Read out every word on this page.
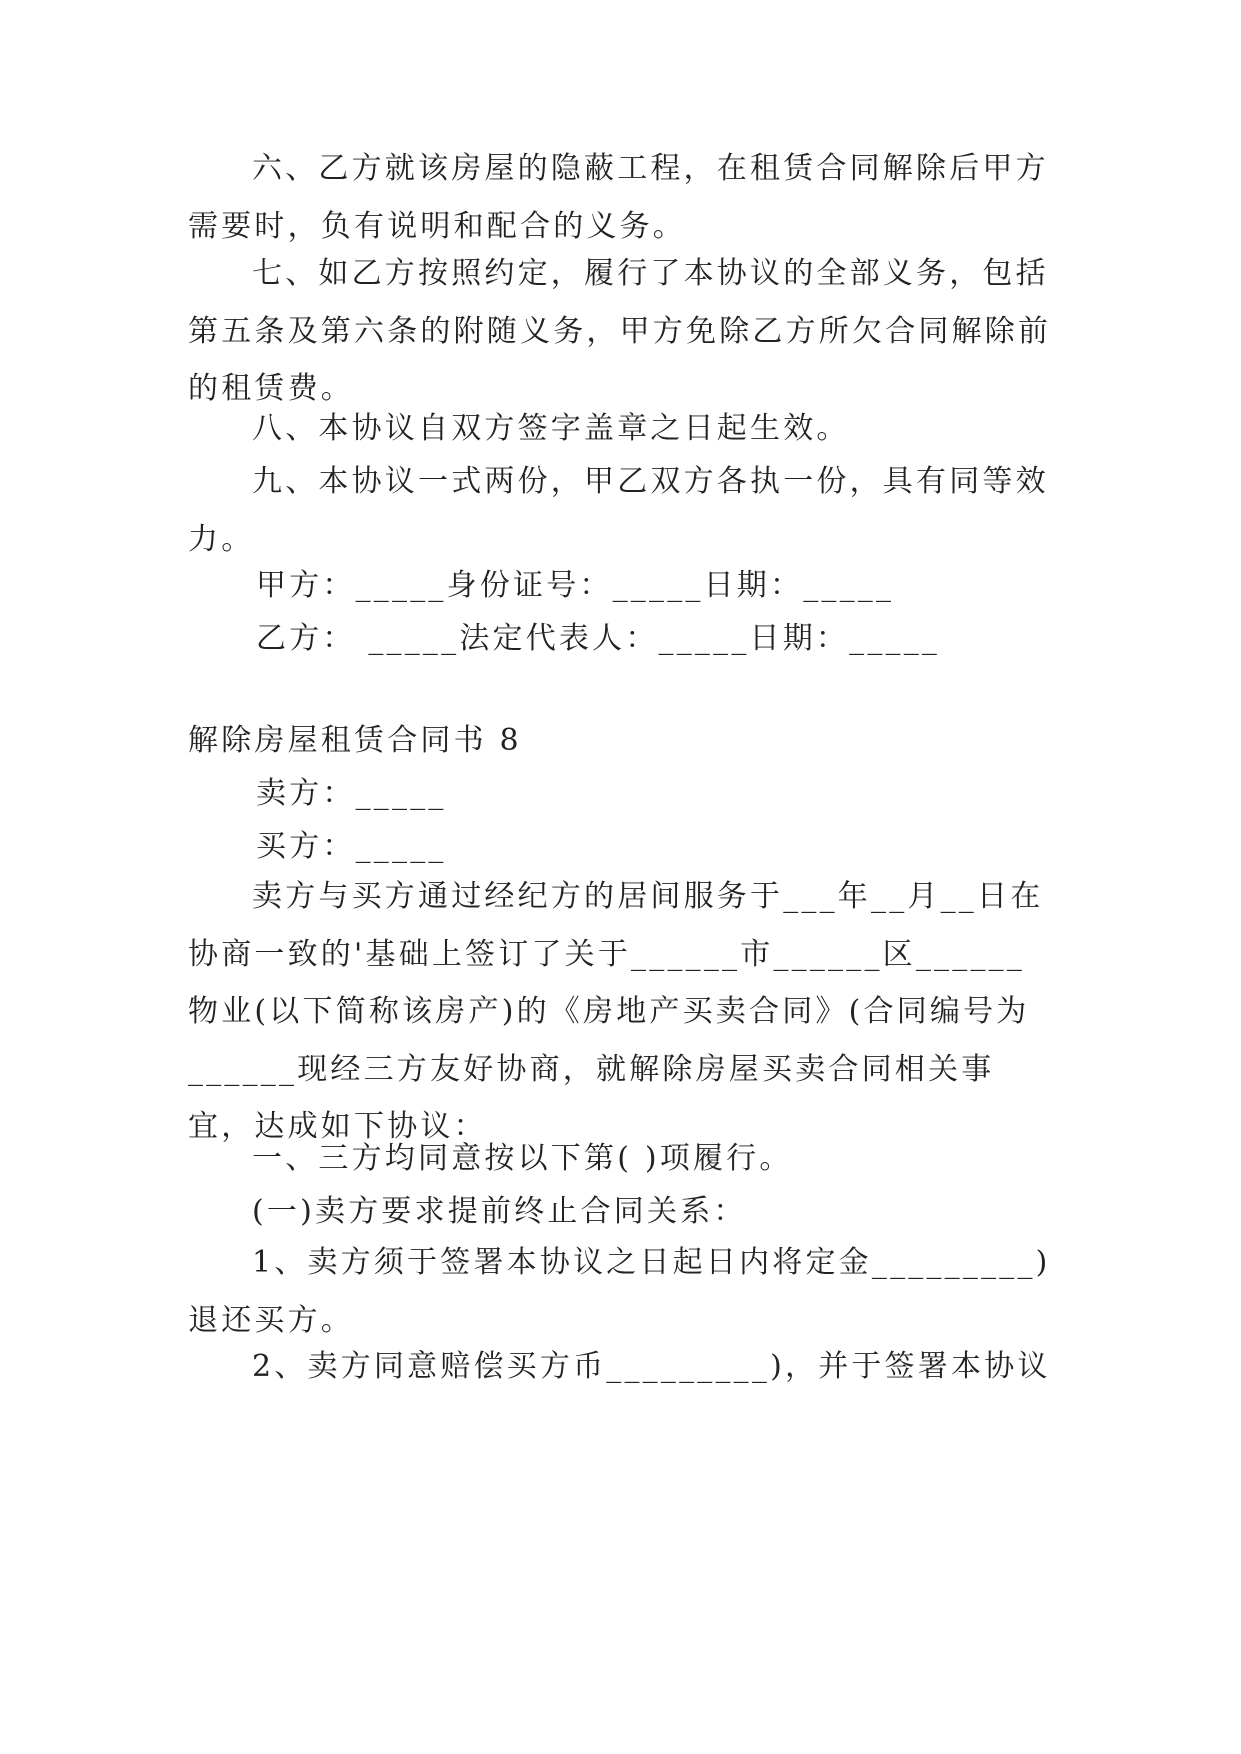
六、乙方就该房屋的隐蔽工程，在租赁合同解除后甲方需要时，负有说明和配合的义务。

七、如乙方按照约定，履行了本协议的全部义务，包括第五条及第六条的附随义务，甲方免除乙方所欠合同解除前的租赁费。

八、本协议自双方签字盖章之日起生效。

九、本协议一式两份，甲乙双方各执一份，具有同等效力。

甲方：_____身份证号：_____日期：_____

乙方： _____法定代表人：_____日期：_____

解除房屋租赁合同书 8

卖方：_____

买方：_____

卖方与买方通过经纪方的居间服务于___年__月__日在协商一致的'基础上签订了关于______市______区______物业(以下简称该房产)的《房地产买卖合同》(合同编号为______现经三方友好协商，就解除房屋买卖合同相关事宜，达成如下协议：

一、三方均同意按以下第( )项履行。

(一)卖方要求提前终止合同关系：

1、卖方须于签署本协议之日起日内将定金_________)退还买方。

2、卖方同意赔偿买方币_________)，并于签署本协议
